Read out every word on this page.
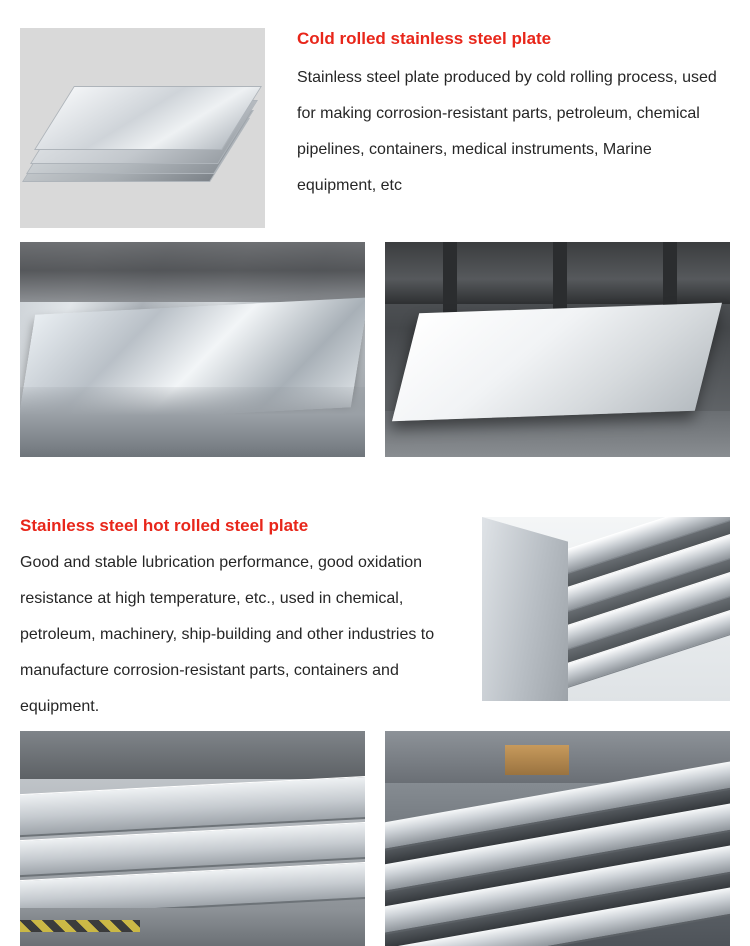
Cold rolled stainless steel plate

Stainless steel plate produced by cold rolling process, used for making corrosion-resistant parts, petroleum, chemical pipelines, containers, medical instruments, Marine equipment, etc

Stainless steel hot rolled steel plate

Good and stable lubrication performance, good oxidation resistance at high temperature, etc., used in chemical, petroleum, machinery, ship-building and other industries to manufacture corrosion-resistant parts, containers and equipment.
